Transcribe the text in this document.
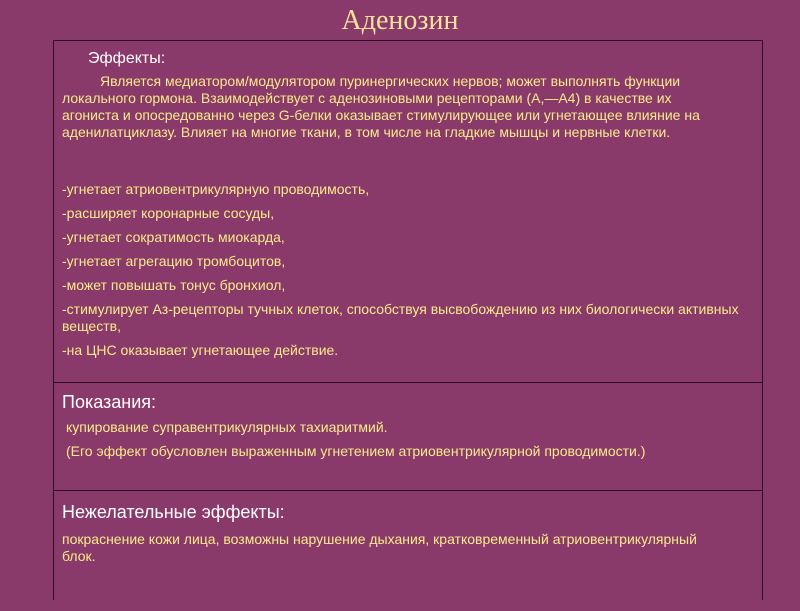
Аденозин
Эффекты:
Является медиатором/модулятором пуринергических нервов; может выполнять функции локального гормона. Взаимодействует с аденозиновыми рецепторами (А,—А4) в качестве их агониста и опосредованно через G-белки оказывает стимулирующее или угнетающее влияние на аденилатциклазу. Влияет на многие ткани, в том числе на гладкие мышцы и нервные клетки.
-угнетает атриовентрикулярную проводимость,
-расширяет коронарные сосуды,
-угнетает сократимость миокарда,
-угнетает агрегацию тромбоцитов,
-может повышать тонус бронхиол,
-стимулирует Аз-рецепторы тучных клеток, способствуя высвобождению из них биологически активных веществ,
-на ЦНС оказывает угнетающее действие.
Показания:
купирование суправентрикулярных тахиаритмий.
(Его эффект обусловлен выраженным угнетением атриовентрикулярной проводимости.)
Нежелательные эффекты:
покраснение кожи лица, возможны нарушение дыхания, кратковременный атриовентрикулярный блок.
